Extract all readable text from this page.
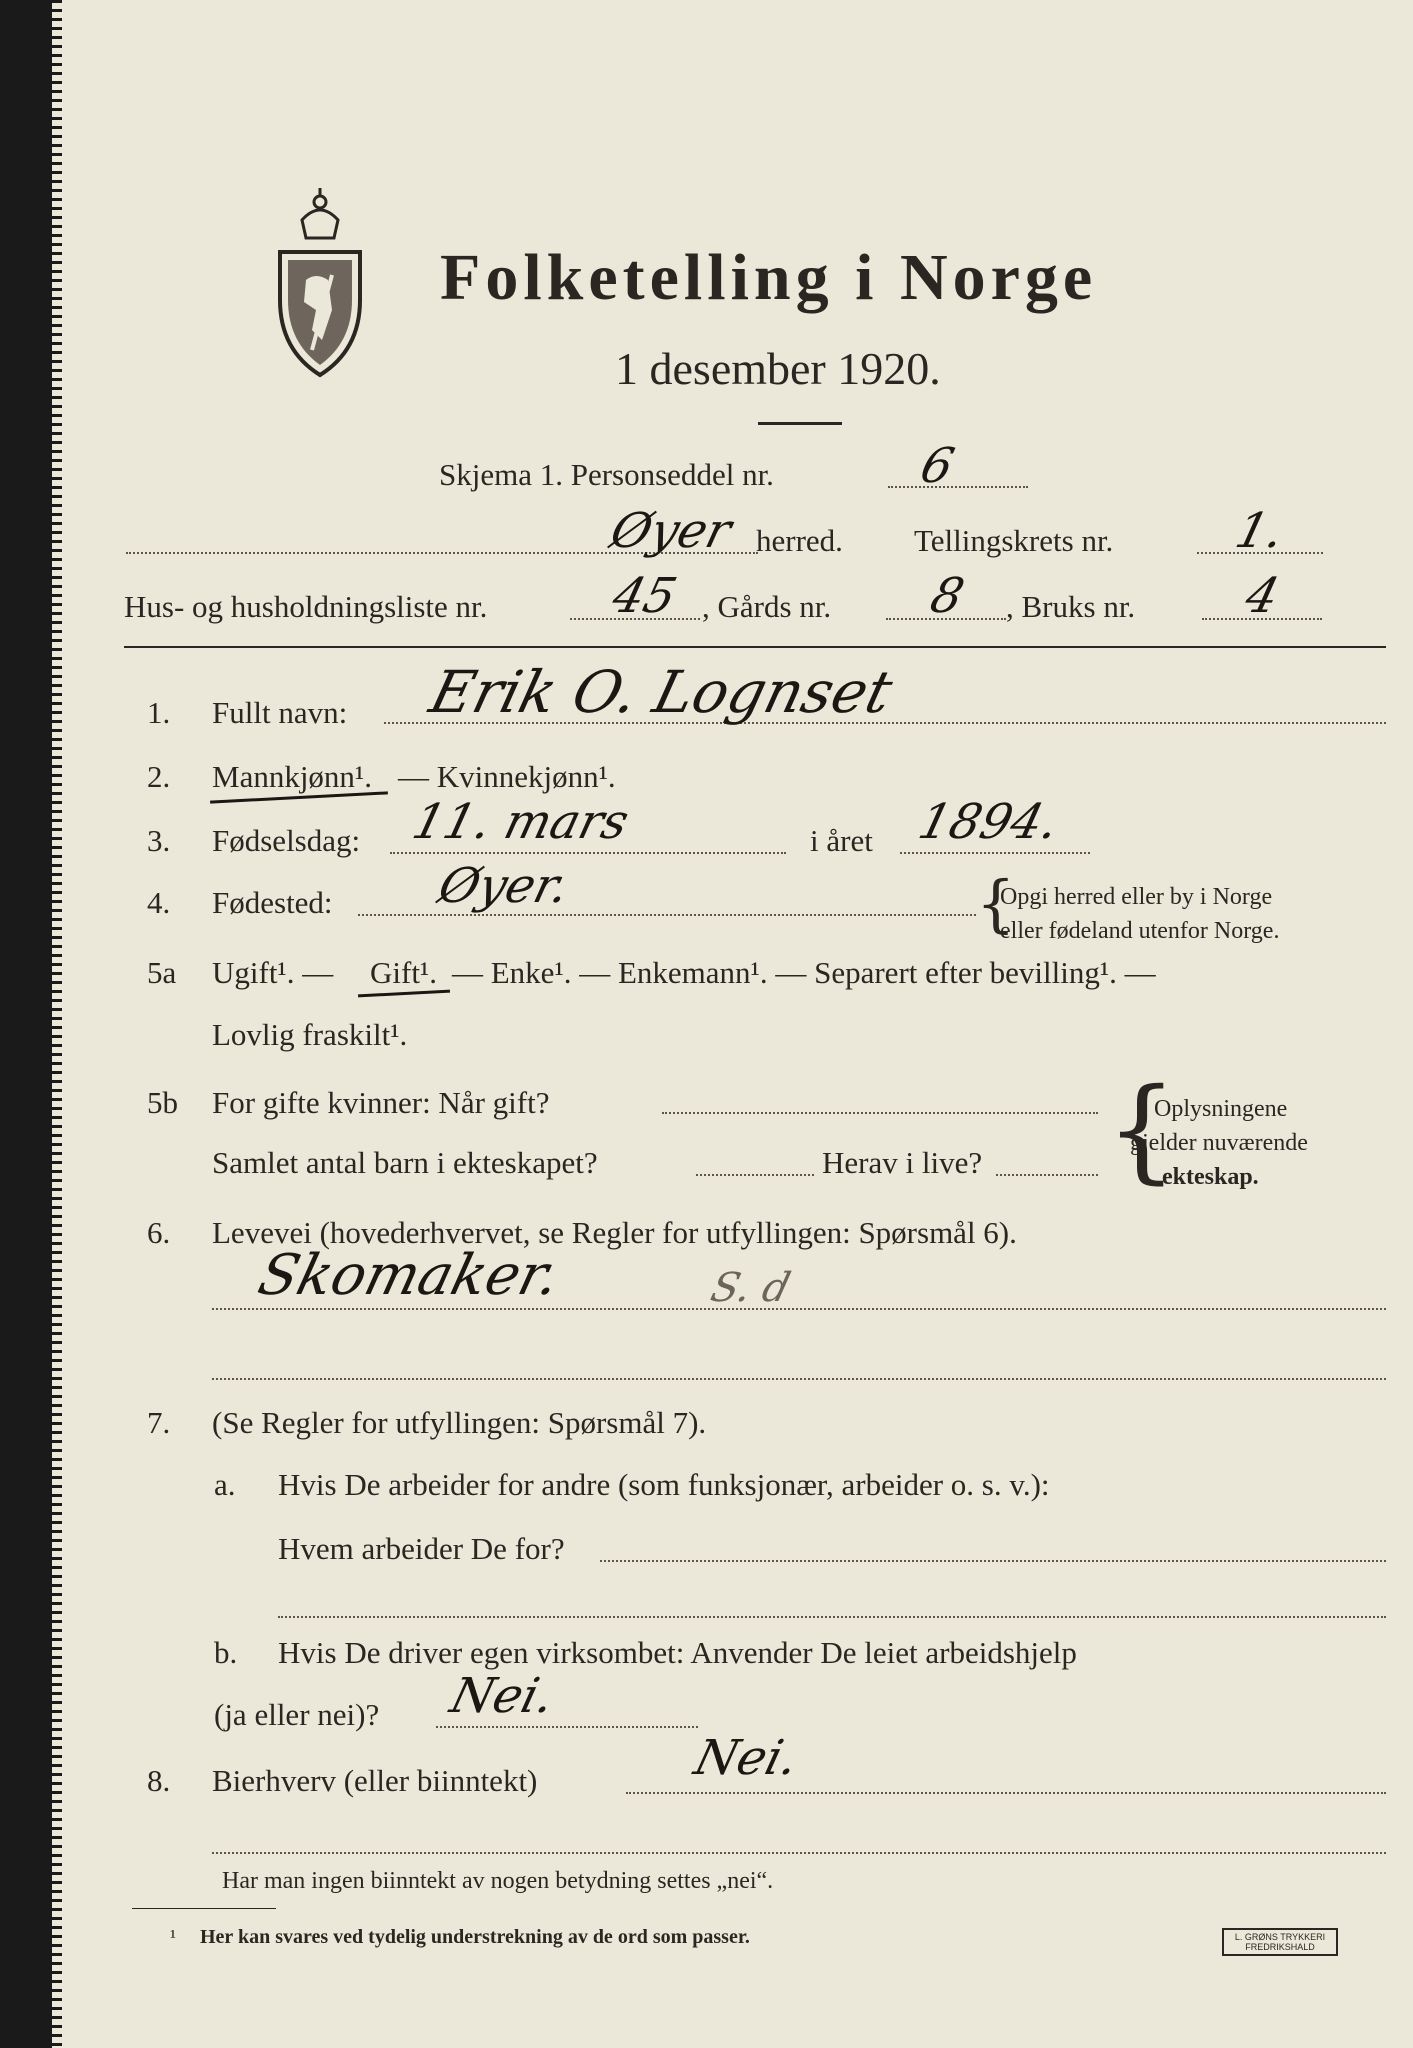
Folketelling i Norge
1 desember 1920.
Skjema 1. Personseddel nr.	6
Øyer herred. Tellingskrets nr. 1.
Hus- og husholdningsliste nr. 45 , Gårds nr. 8 , Bruks nr. 4
1. Fullt navn: Erik O. Lognset
2. Mannkjønn¹. — Kvinnekjønn¹.
3. Fødselsdag: 11. mars	i året 1894.
4. Fødested: Øyer.	{
Opgi herred eller by i Norge
eller fødeland utenfor Norge.
5a Ugift¹. — Gift¹. — Enke¹. — Enkemann¹. — Separert efter bevilling¹. —
Lovlig fraskilt¹.
5b For gifte kvinner: Når gift?
Samlet antal barn i ekteskapet?	Herav i live? {
Oplysningene
gjelder nuværende
ekteskap.
6. Levevei (hovederhvervet, se Regler for utfyllingen: Spørsmål 6).
Skomaker.	S. d
7. (Se Regler for utfyllingen: Spørsmål 7).
a. Hvis De arbeider for andre (som funksjonær, arbeider o. s. v.):
Hvem arbeider De for?
b. Hvis De driver egen virksombet: Anvender De leiet arbeidshjelp
(ja eller nei)? Nei.
8. Bierhverv (eller biinntekt)	Nei.
Har man ingen biinntekt av nogen betydning settes „nei“.
¹ Her kan svares ved tydelig understrekning av de ord som passer.	L. GRØNS TRYKKERI
FREDRIKSHALD
